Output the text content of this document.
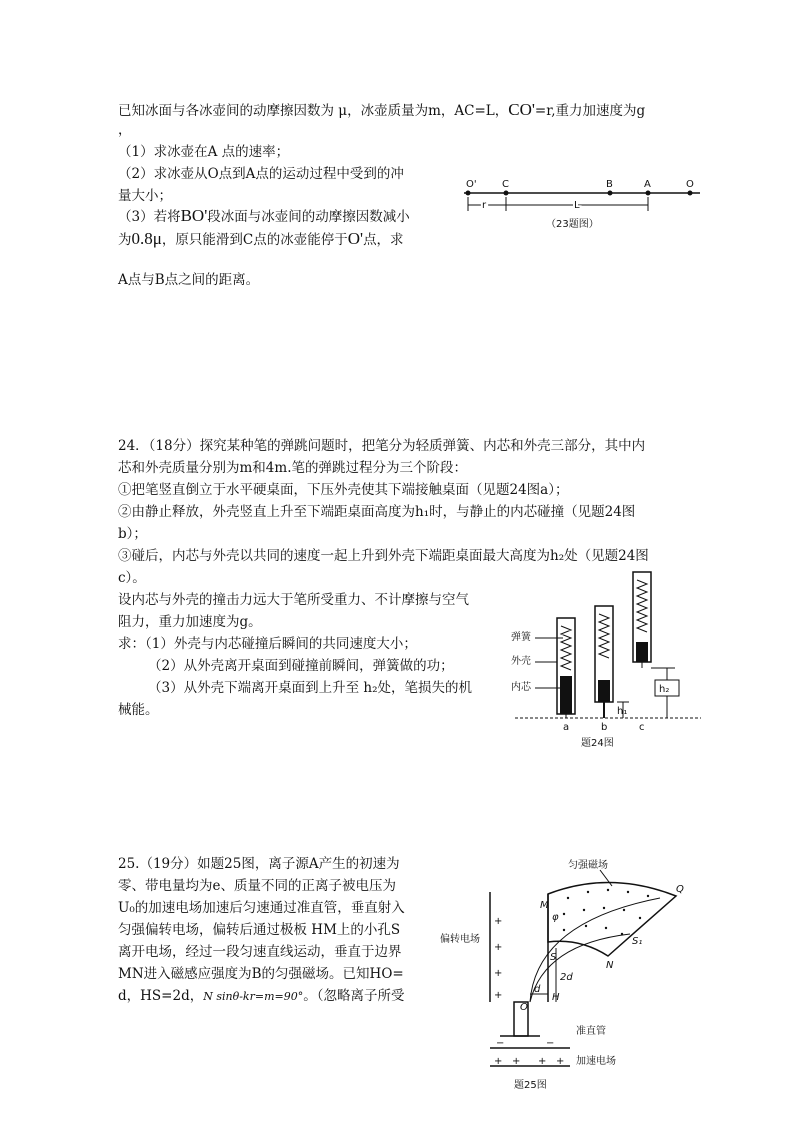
已知冰面与各冰壶间的动摩擦因数为 μ，冰壶质量为m，AC=L，CO'=r,重力加速度为g
，
（1）求冰壶在A 点的速率；
（2）求冰壶从O点到A点的运动过程中受到的冲
量大小；
（3）若将BO'段冰面与冰壶间的动摩擦因数减小
为0.8μ，原只能滑到C点的冰壶能停于O'点，求
A点与B点之间的距离。
O'	C	B	A	O
r	L
（23题图）
24．（18分）探究某种笔的弹跳问题时，把笔分为轻质弹簧、内芯和外壳三部分，其中内
芯和外壳质量分别为m和4m.笔的弹跳过程分为三个阶段：
①把笔竖直倒立于水平硬桌面，下压外壳使其下端接触桌面（见题24图a）；
②由静止释放，外壳竖直上升至下端距桌面高度为h₁时，与静止的内芯碰撞（见题24图
b）；
③碰后，内芯与外壳以共同的速度一起上升到外壳下端距桌面最大高度为h₂处（见题24图
c）。
设内芯与外壳的撞击力远大于笔所受重力、不计摩擦与空气
阻力，重力加速度为g。
求：（1）外壳与内芯碰撞后瞬间的共同速度大小；
（2）从外壳离开桌面到碰撞前瞬间，弹簧做的功；
（3）从外壳下端离开桌面到上升至 h₂处，笔损失的机
械能。
弹簧
外壳
内芯
h₁
h₂
a	b	c
题24图
25.（19分）如题25图，离子源A产生的初速为
零、带电量均为e、质量不同的正离子被电压为
U₀的加速电场加速后匀速通过准直管，垂直射入
匀强偏转电场，偏转后通过极板 HM上的小孔S
离开电场，经过一段匀速直线运动，垂直于边界
MN进入磁感应强度为B的匀强磁场。已知HO=
d，HS=2d，N sinθ-kr=m=90°。（忽略离子所受
+
+
+
+
−	−
+ + + +
匀强磁场
偏转电场
准直管
加速电场
M
N
Q
S
S₁
H
O
d
2d
φ
题25图
